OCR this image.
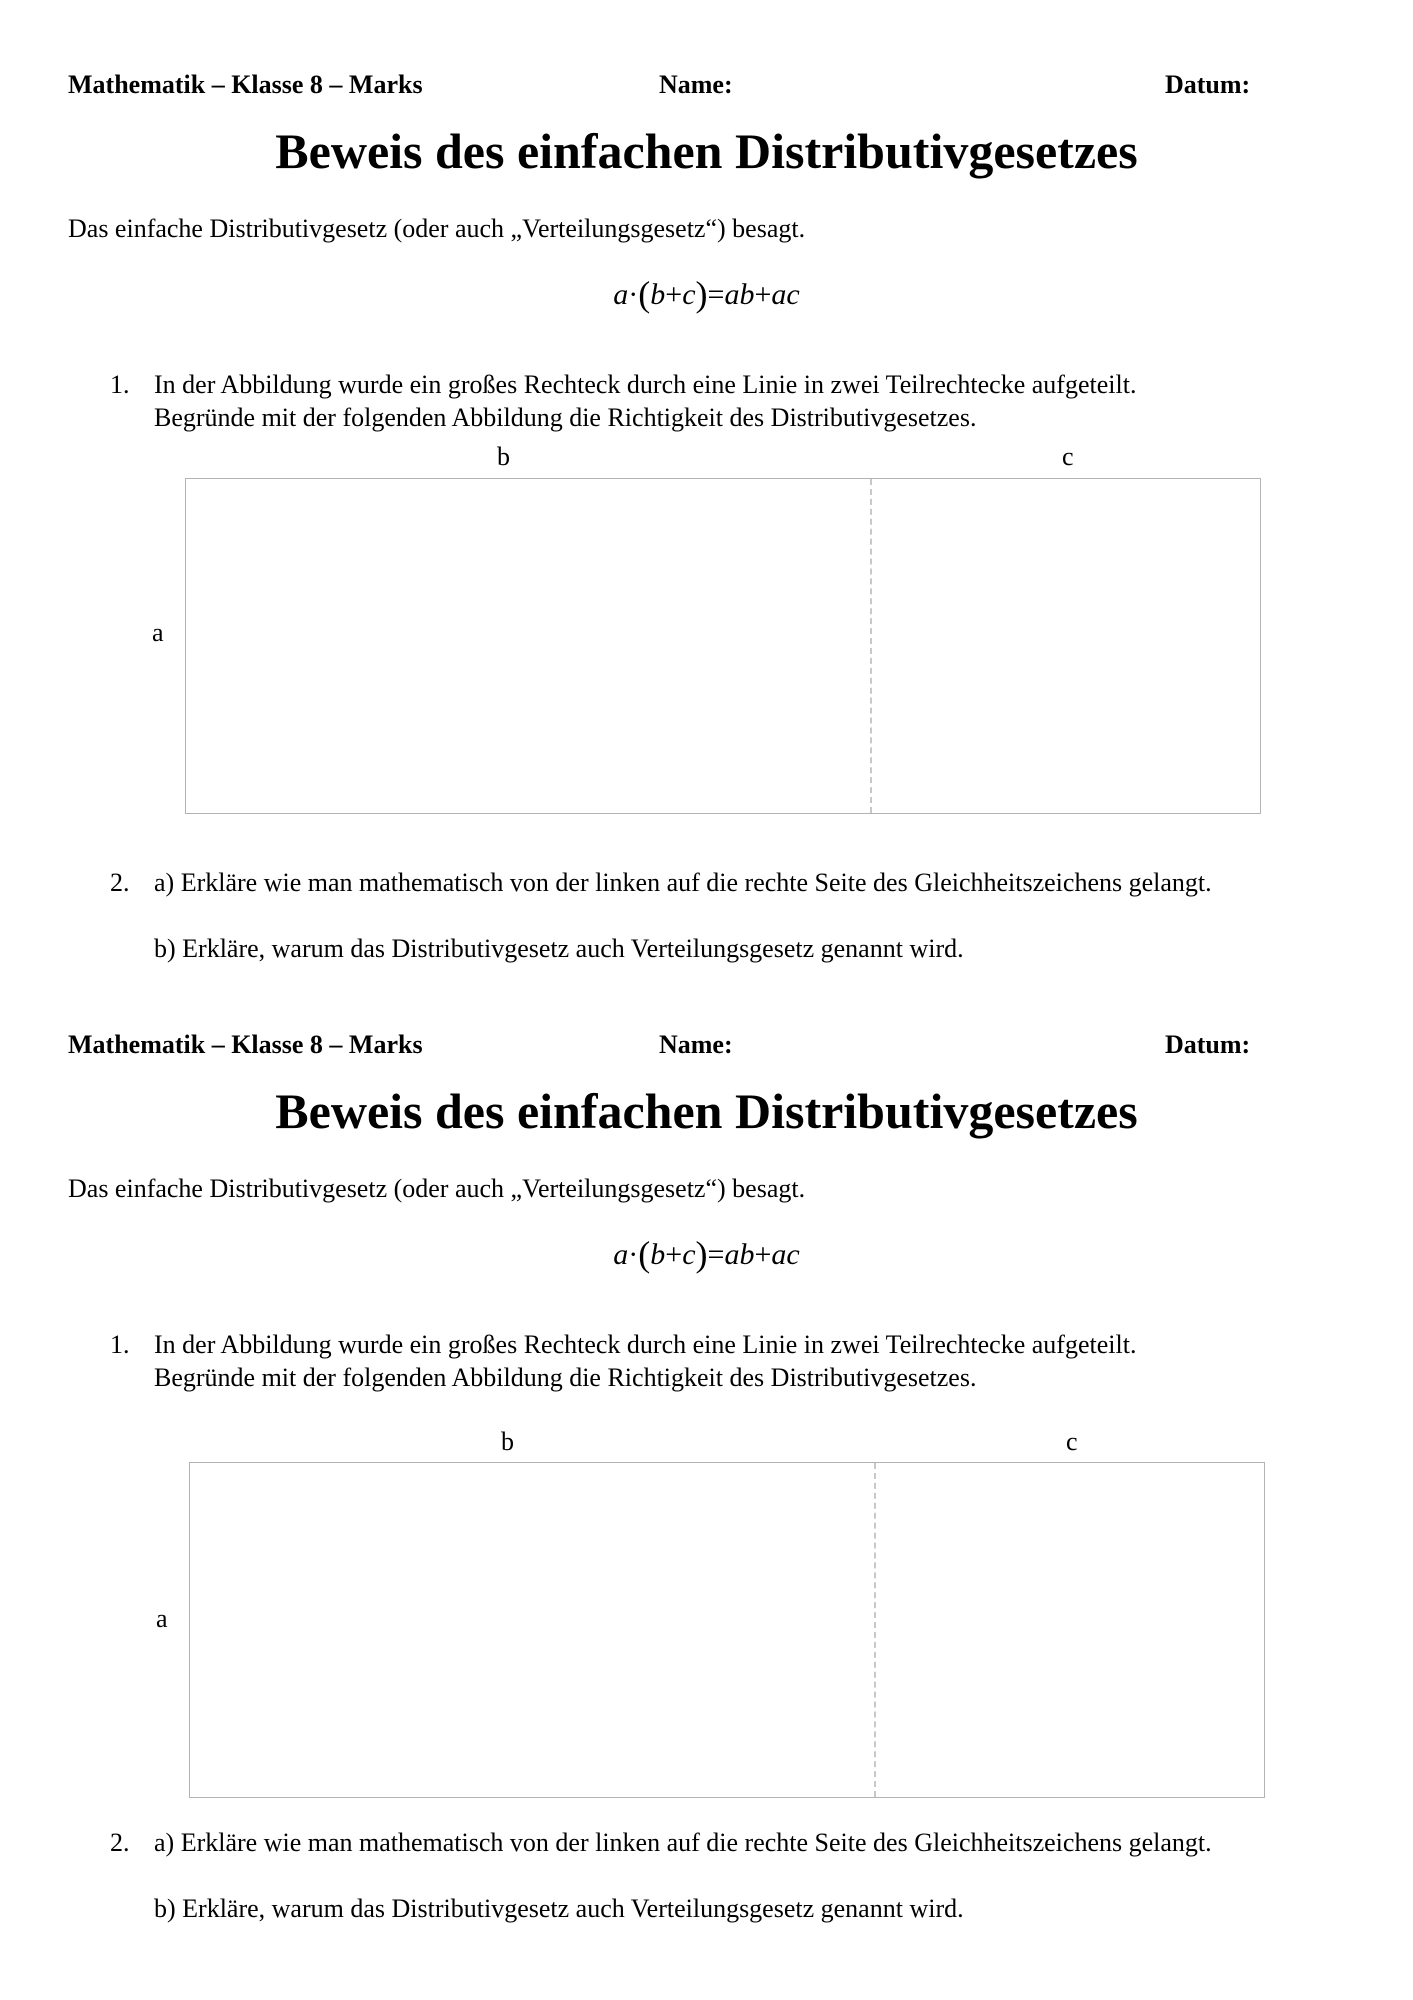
Mathematik – Klasse 8 – Marks	Name:	Datum:
Beweis des einfachen Distributivgesetzes
Das einfache Distributivgesetz (oder auch „Verteilungsgesetz“) besagt.
a·(b+c)=ab+ac
1. In der Abbildung wurde ein großes Rechteck durch eine Linie in zwei Teilrechtecke aufgeteilt.
Begründe mit der folgenden Abbildung die Richtigkeit des Distributivgesetzes.
b	c
a
2. a) Erkläre wie man mathematisch von der linken auf die rechte Seite des Gleichheitszeichens gelangt.
b) Erkläre, warum das Distributivgesetz auch Verteilungsgesetz genannt wird.
Mathematik – Klasse 8 – Marks	Name:	Datum:
Beweis des einfachen Distributivgesetzes
Das einfache Distributivgesetz (oder auch „Verteilungsgesetz“) besagt.
a·(b+c)=ab+ac
1. In der Abbildung wurde ein großes Rechteck durch eine Linie in zwei Teilrechtecke aufgeteilt.
Begründe mit der folgenden Abbildung die Richtigkeit des Distributivgesetzes.
b	c
a
2. a) Erkläre wie man mathematisch von der linken auf die rechte Seite des Gleichheitszeichens gelangt.
b) Erkläre, warum das Distributivgesetz auch Verteilungsgesetz genannt wird.
